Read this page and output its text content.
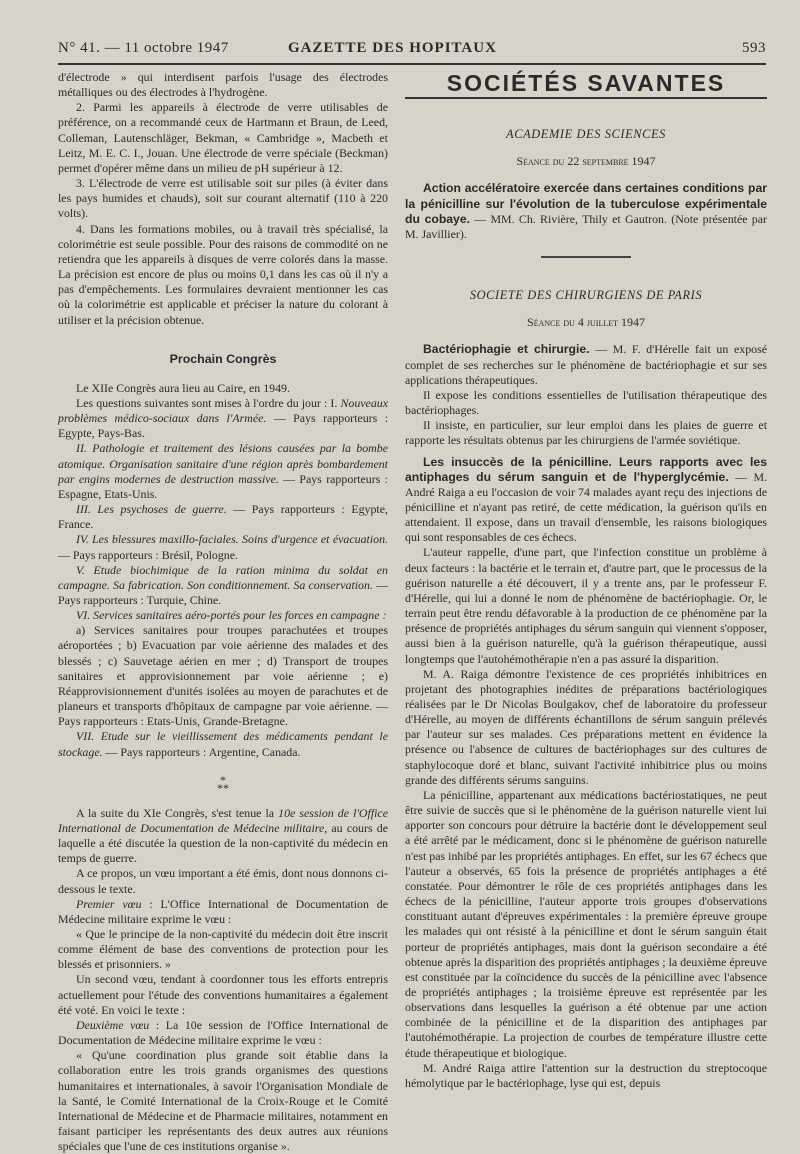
N° 41. — 11 octobre 1947	GAZETTE DES HOPITAUX	593

d'électrode » qui interdisent parfois l'usage des électrodes métalliques ou des électrodes à l'hydrogène.

2. Parmi les appareils à électrode de verre utilisables de préférence, on a recommandé ceux de Hartmann et Braun, de Leed, Colleman, Lautenschläger, Bekman, « Cambridge », Macbeth et Leitz, M. E. C. I., Jouan. Une électrode de verre spéciale (Beckman) permet d'opérer même dans un milieu de pH supérieur à 12.

3. L'électrode de verre est utilisable soit sur piles (à éviter dans les pays humides et chauds), soit sur courant alternatif (110 à 220 volts).

4. Dans les formations mobiles, ou à travail très spécialisé, la colorimétrie est seule possible. Pour des raisons de commodité on ne retiendra que les appareils à disques de verre colorés dans la masse. La précision est encore de plus ou moins 0,1 dans les cas où il n'y a pas d'empêchements. Les formulaires devraient mentionner les cas où la colorimétrie est applicable et préciser la nature du colorant à utiliser et la précision obtenue.

Prochain Congrès

Le XIIe Congrès aura lieu au Caire, en 1949.

Les questions suivantes sont mises à l'ordre du jour : I. Nouveaux problèmes médico-sociaux dans l'Armée. — Pays rapporteurs : Egypte, Pays-Bas.

II. Pathologie et traitement des lésions causées par la bombe atomique. Organisation sanitaire d'une région après bombardement par engins modernes de destruction massive. — Pays rapporteurs : Espagne, Etats-Unis.

III. Les psychoses de guerre. — Pays rapporteurs : Egypte, France.

IV. Les blessures maxillo-faciales. Soins d'urgence et évacuation. — Pays rapporteurs : Brésil, Pologne.

V. Etude biochimique de la ration minima du soldat en campagne. Sa fabrication. Son conditionnement. Sa conservation. — Pays rapporteurs : Turquie, Chine.

VI. Services sanitaires aéro-portés pour les forces en campagne :

a) Services sanitaires pour troupes parachutées et troupes aéroportées ; b) Evacuation par voie aérienne des malades et des blessés ; c) Sauvetage aérien en mer ; d) Transport de troupes sanitaires et approvisionnement par voie aérienne ; e) Réapprovisionnement d'unités isolées au moyen de parachutes et de planeurs et transports d'hôpitaux de campagne par voie aérienne. — Pays rapporteurs : Etats-Unis, Grande-Bretagne.

VII. Etude sur le vieillissement des médicaments pendant le stockage. — Pays rapporteurs : Argentine, Canada.

*
**

A la suite du XIe Congrès, s'est tenue la 10e session de l'Office International de Documentation de Médecine militaire, au cours de laquelle a été discutée la question de la non-captivité du médecin en temps de guerre.

A ce propos, un vœu important a été émis, dont nous donnons ci-dessous le texte.

Premier vœu : L'Office International de Documentation de Médecine militaire exprime le vœu :

« Que le principe de la non-captivité du médecin doit être inscrit comme élément de base des conventions de protection pour les blessés et prisonniers. »

Un second vœu, tendant à coordonner tous les efforts entrepris actuellement pour l'étude des conventions humanitaires a également été voté. En voici le texte :

Deuxième vœu : La 10e session de l'Office International de Documentation de Médecine militaire exprime le vœu :

« Qu'une coordination plus grande soit établie dans la collaboration entre les trois grands organismes des questions humanitaires et internationales, à savoir l'Organisation Mondiale de la Santé, le Comité International de la Croix-Rouge et le Comité International de Médecine et de Pharmacie militaires, notamment en faisant participer les représentants des deux autres aux réunions spéciales que l'une de ces institutions organise ».

SOCIÉTÉS SAVANTES
ACADEMIE DES SCIENCES
Séance du 22 septembre 1947

Action accélératoire exercée dans certaines conditions par la pénicilline sur l'évolution de la tuberculose expérimentale du cobaye. — MM. Ch. Rivière, Thily et Gautron. (Note présentée par M. Javillier).

SOCIETE DES CHIRURGIENS DE PARIS
Séance du 4 juillet 1947

Bactériophagie et chirurgie. — M. F. d'Hérelle fait un exposé complet de ses recherches sur le phénomène de bactériophagie et sur ses applications thérapeutiques.

Il expose les conditions essentielles de l'utilisation thérapeutique des bactériophages.

Il insiste, en particulier, sur leur emploi dans les plaies de guerre et rapporte les résultats obtenus par les chirurgiens de l'armée soviétique.

Les insuccès de la pénicilline. Leurs rapports avec les antiphages du sérum sanguin et de l'hyperglycémie. — M. André Raiga a eu l'occasion de voir 74 malades ayant reçu des injections de pénicilline et n'ayant pas retiré, de cette médication, la guérison qu'ils en attendaient. Il expose, dans un travail d'ensemble, les raisons biologiques qui sont responsables de ces échecs.

L'auteur rappelle, d'une part, que l'infection constitue un problème à deux facteurs : la bactérie et le terrain et, d'autre part, que le processus de la guérison naturelle a été découvert, il y a trente ans, par le professeur F. d'Hérelle, qui lui a donné le nom de phénomène de bactériophagie. Or, le terrain peut être rendu défavorable à la production de ce phénomène par la présence de propriétés antiphages du sérum sanguin qui viennent s'opposer, aussi bien à la guérison naturelle, qu'à la guérison thérapeutique, aussi longtemps que l'autohémothérapie n'en a pas assuré la disparition.

M. A. Raiga démontre l'existence de ces propriétés inhibitrices en projetant des photographies inédites de préparations bactériologiques réalisées par le Dr Nicolas Boulgakov, chef de laboratoire du professeur d'Hérelle, au moyen de différents échantillons de sérum sanguin prélevés par l'auteur sur ses malades. Ces préparations mettent en évidence la présence ou l'absence de cultures de bactériophages sur des cultures de staphylocoque doré et blanc, suivant l'activité inhibitrice plus ou moins grande des différents sérums sanguins.

La pénicilline, appartenant aux médications bactériostatiques, ne peut être suivie de succès que si le phénomène de la guérison naturelle vient lui apporter son concours pour détruire la bactérie dont le développement seul a été arrêté par le médicament, donc si le phénomène de guérison naturelle n'est pas inhibé par les propriétés antiphages. En effet, sur les 67 échecs que l'auteur a observés, 65 fois la présence de propriétés antiphages a été constatée. Pour démontrer le rôle de ces propriétés antiphages dans les échecs de la pénicilline, l'auteur apporte trois groupes d'observations constituant autant d'épreuves expérimentales : la première épreuve groupe les malades qui ont résisté à la pénicilline et dont le sérum sanguin était porteur de propriétés antiphages, mais dont la guérison secondaire a été obtenue après la disparition des propriétés antiphages ; la deuxième épreuve est constituée par la coïncidence du succès de la pénicilline avec l'absence de propriétés antiphages ; la troisième épreuve est représentée par les observations dans lesquelles la guérison a été obtenue par une action combinée de la pénicilline et de la disparition des antiphages par l'autohémothérapie. La projection de courbes de température illustre cette étude thérapeutique et biologique.

M. André Raiga attire l'attention sur la destruction du streptocoque hémolytique par le bactériophage, lyse qui est, depuis
